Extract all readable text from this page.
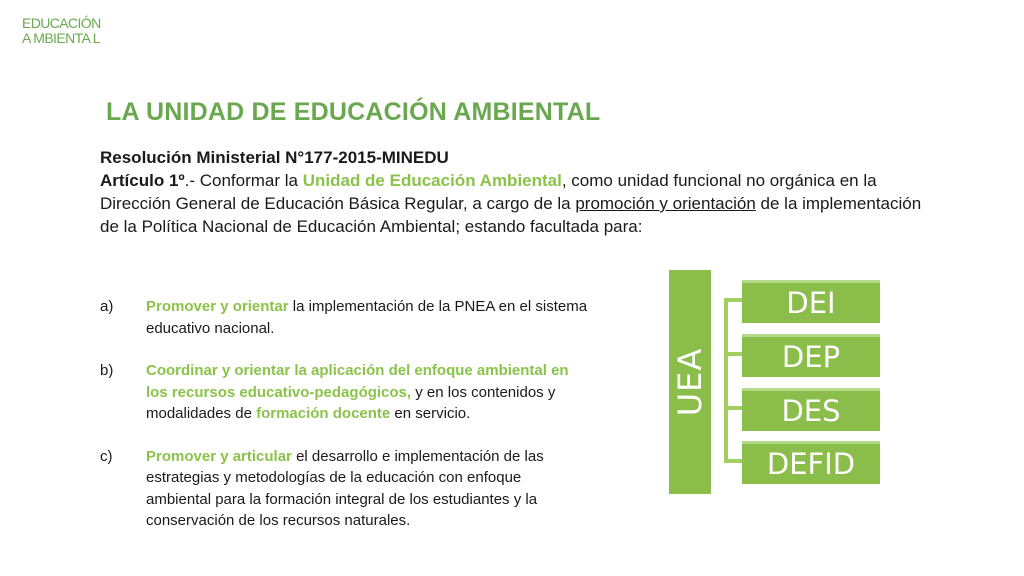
EDUCACIÓN
A MBIENTA L
LA UNIDAD DE EDUCACIÓN AMBIENTAL
Resolución Ministerial N°177-2015-MINEDU
Artículo 1º.- Conformar la Unidad de Educación Ambiental, como unidad funcional no orgánica en la Dirección General de Educación Básica Regular, a cargo de la promoción y orientación de la implementación de la Política Nacional de Educación Ambiental; estando facultada para:
a) Promover y orientar la implementación de la PNEA en el sistema educativo nacional.
b) Coordinar y orientar la aplicación del enfoque ambiental en los recursos educativo-pedagógicos, y en los contenidos y modalidades de formación docente en servicio.
c) Promover y articular el desarrollo e implementación de las estrategias y metodologías de la educación con enfoque ambiental para la formación integral de los estudiantes y la conservación de los recursos naturales.
UEA
DEI
DEP
DES
DEFID
